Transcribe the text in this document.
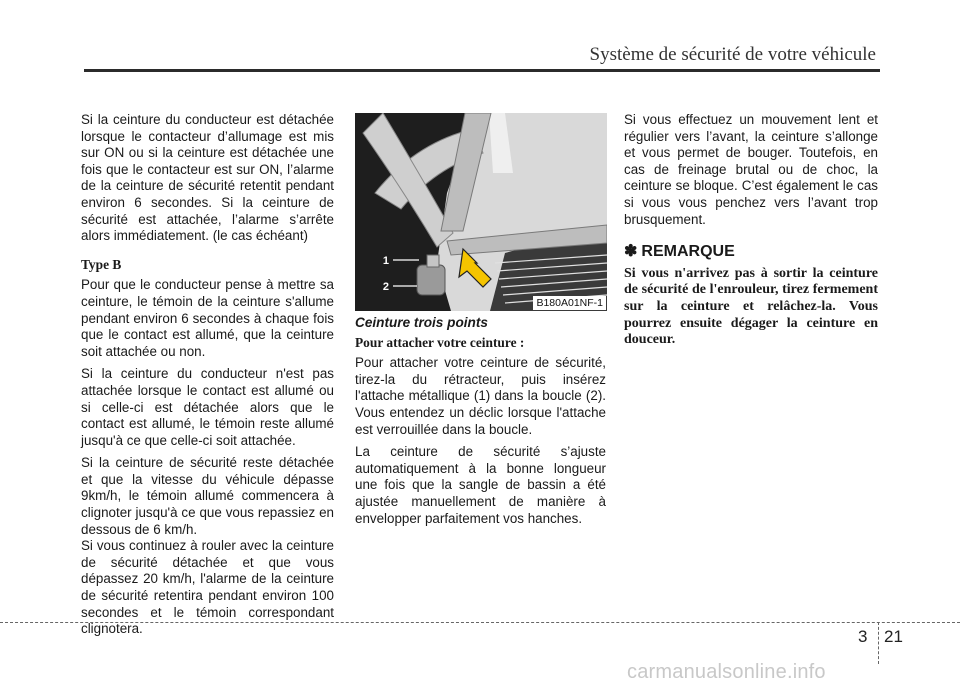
Système de sécurité de votre véhicule

Si la ceinture du conducteur est détachée lorsque le contacteur d’allumage est mis sur ON ou si la ceinture est détachée une fois que le contacteur est sur ON, l’alarme de la ceinture de sécurité retentit pendant environ 6 secondes. Si la ceinture de sécurité est attachée, l’alarme s’arrête alors immédiatement. (le cas échéant)

Type B

Pour que le conducteur pense à mettre sa ceinture, le témoin de la ceinture s'allume pendant environ 6 secondes à chaque fois que le contact est allumé, que la ceinture soit attachée ou non.

Si la ceinture du conducteur n'est pas attachée lorsque le contact est allumé ou si celle-ci est détachée alors que le contact est allumé, le témoin reste allumé jusqu'à ce que celle-ci soit attachée.

Si la ceinture de sécurité reste détachée et que la vitesse du véhicule dépasse 9km/h, le témoin allumé commencera à clignoter jusqu'à ce que vous repassiez en dessous de 6 km/h.

Si vous continuez à rouler avec la ceinture de sécurité détachée et que vous dépassez 20 km/h, l'alarme de la ceinture de sécurité retentira pendant environ 100 secondes et le témoin correspondant clignotera.

1
2
B180A01NF-1
Ceinture trois points
Pour attacher votre ceinture :

Pour attacher votre ceinture de sécurité, tirez-la du rétracteur, puis insérez l'attache métallique (1) dans la boucle (2). Vous entendez un déclic lorsque l'attache est verrouillée dans la boucle.

La ceinture de sécurité s’ajuste automatiquement à la bonne longueur une fois que la sangle de bassin a été ajustée manuellement de manière à envelopper parfaitement vos hanches.

Si vous effectuez un mouvement lent et régulier vers l’avant, la ceinture s’allonge et vous permet de bouger. Toutefois, en cas de freinage brutal ou de choc, la ceinture se bloque. C’est également le cas si vous vous penchez vers l’avant trop brusquement.

✽ REMARQUE
Si vous n'arrivez pas à sortir la ceinture de sécurité de l'enrouleur, tirez fermement sur la ceinture et relâchez-la. Vous pourrez ensuite dégager la ceinture en douceur.
3 21
carmanualsonline.info
